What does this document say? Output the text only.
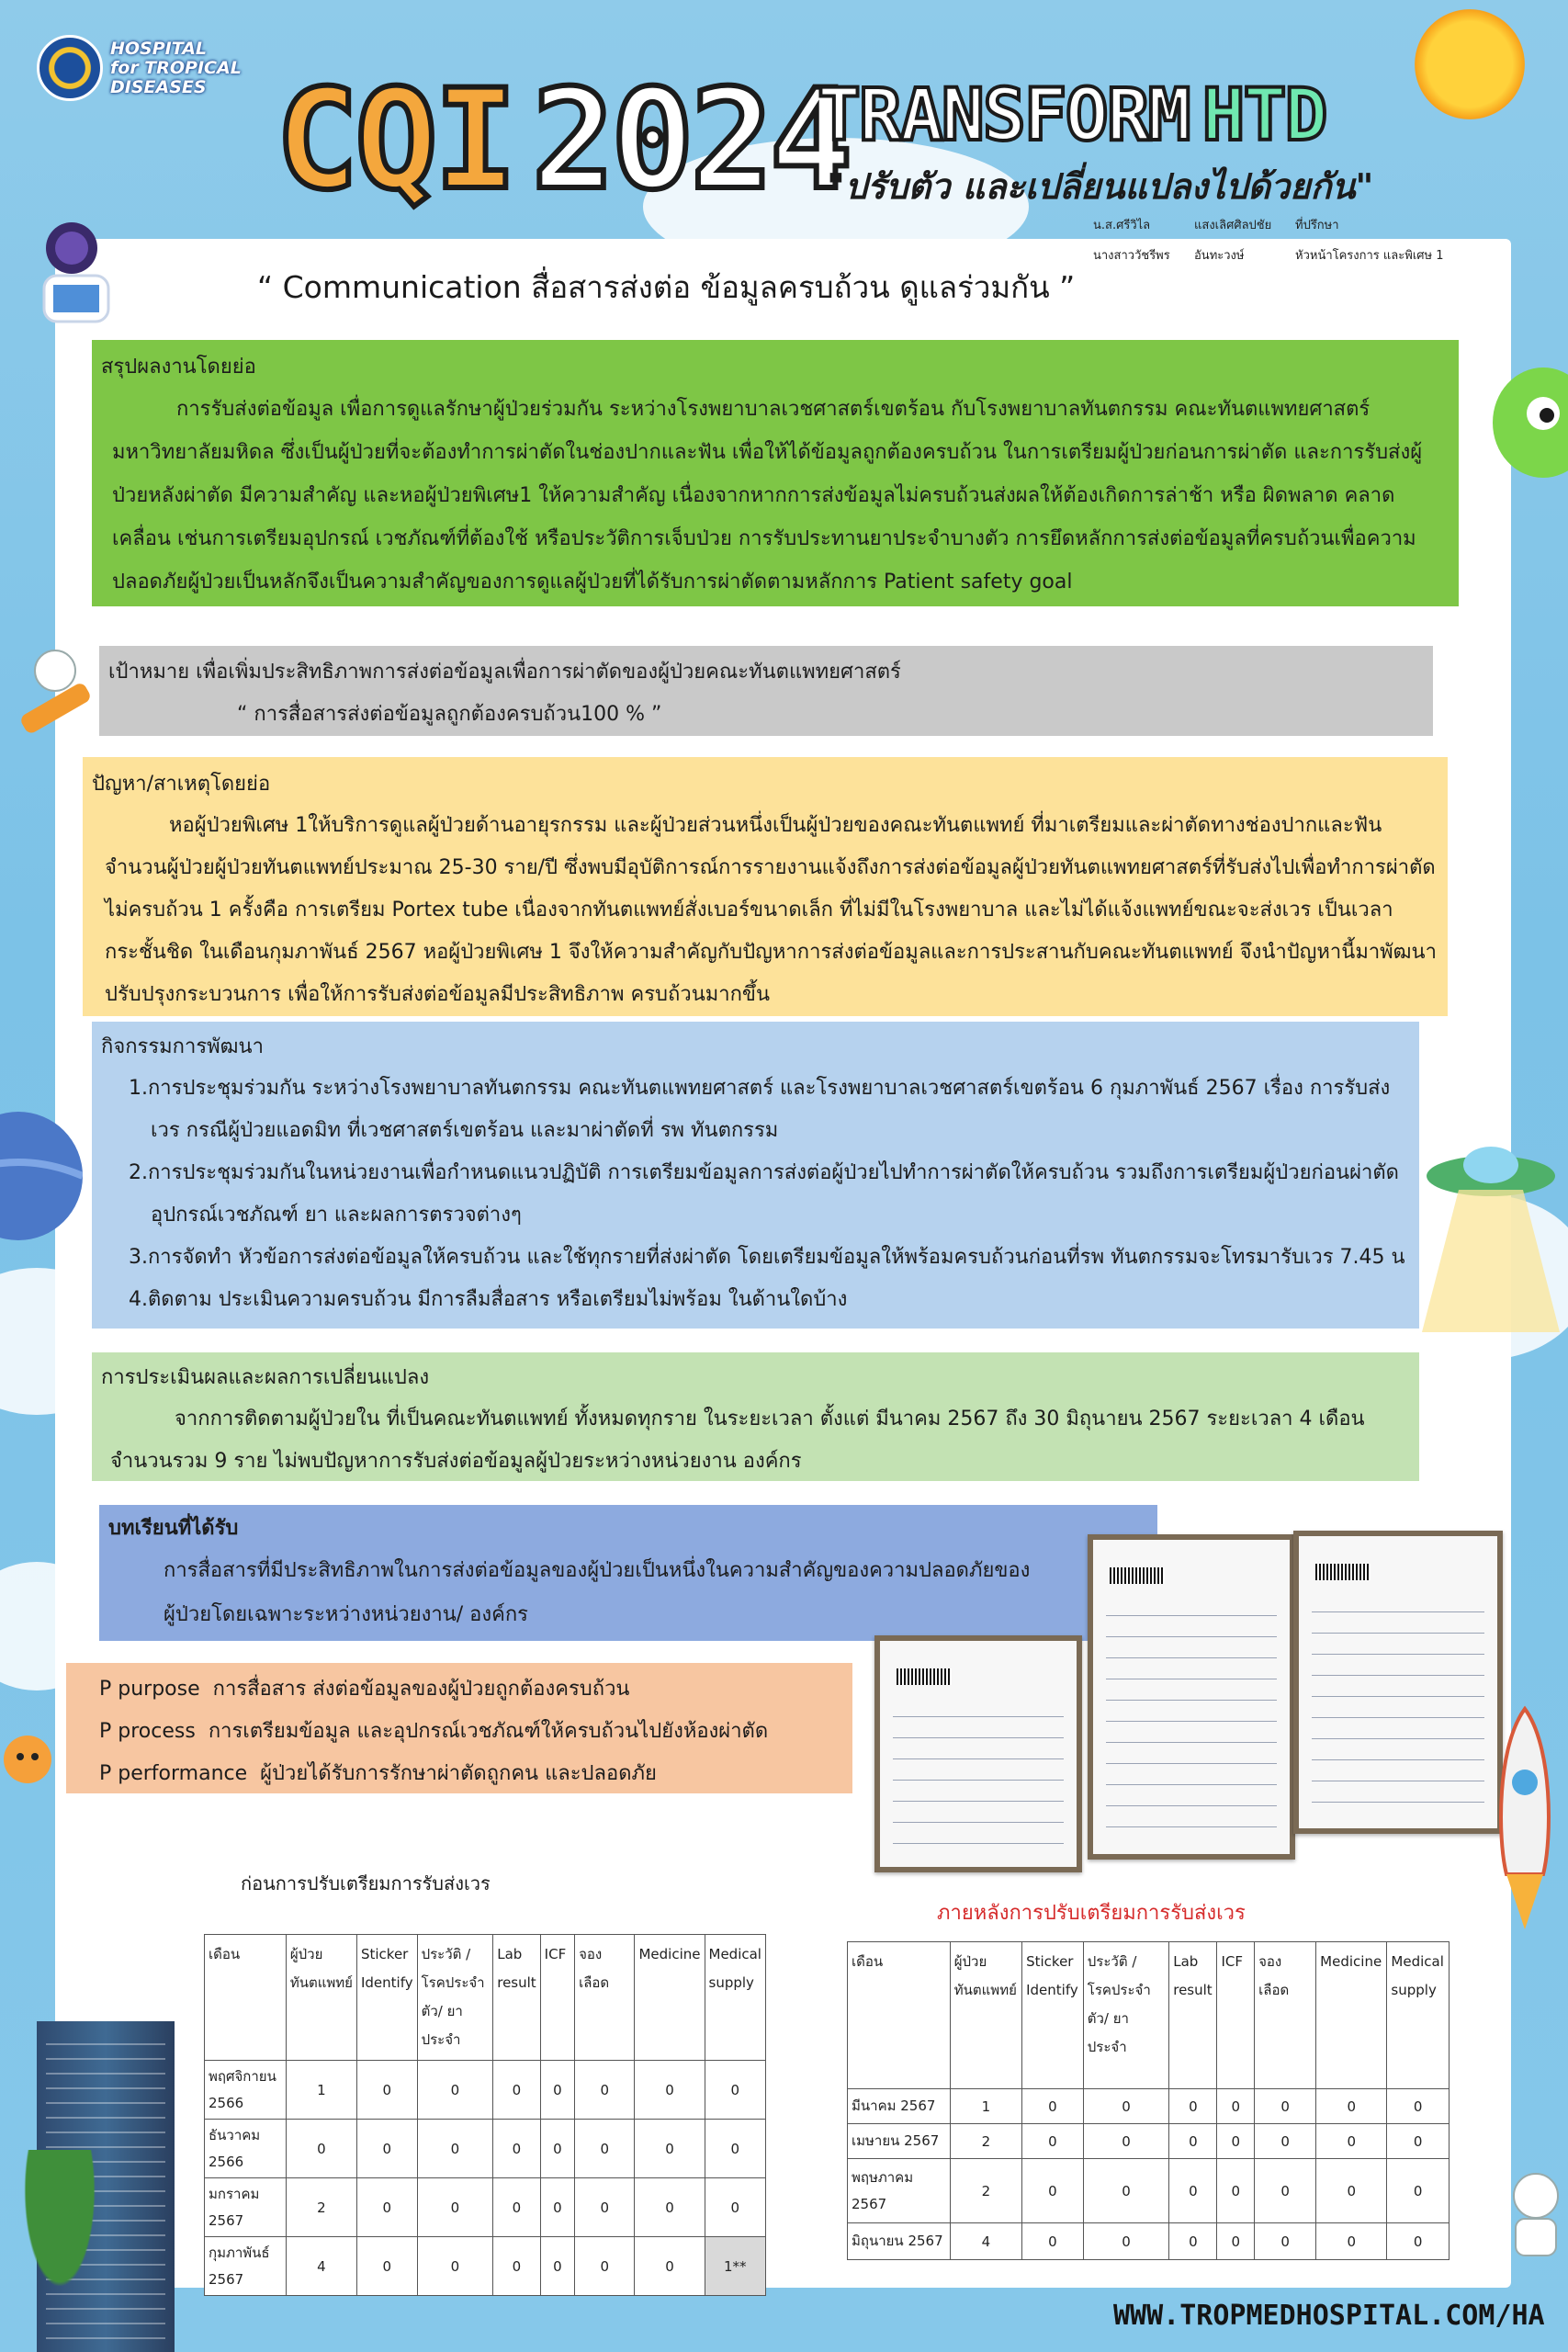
HOSPITAL
for TROPICAL
DISEASES CQI 2024
TRANSFORM HTD
"ปรับตัว และเปลี่ยนแปลงไปด้วยกัน"
น.ส.ศรีวิไล	แสงเลิศศิลปชัย	ที่ปรึกษา
นางสาววัชรีพร	อันทะวงษ์	หัวหน้าโครงการ และพิเศษ 1
“ Communication สื่อสารส่งต่อ ข้อมูลครบถ้วน ดูแลร่วมกัน ”
สรุปผลงานโดยย่อ

การรับส่งต่อข้อมูล เพื่อการดูแลรักษาผู้ป่วยร่วมกัน ระหว่างโรงพยาบาลเวชศาสตร์เขตร้อน กับโรงพยาบาลทันตกรรม คณะทันตแพทยศาสตร์ มหาวิทยาลัยมหิดล ซึ่งเป็นผู้ป่วยที่จะต้องทำการผ่าตัดในช่องปากและฟัน เพื่อให้ได้ข้อมูลถูกต้องครบถ้วน ในการเตรียมผู้ป่วยก่อนการผ่าตัด และการรับส่งผู้ป่วยหลังผ่าตัด มีความสำคัญ และหอผู้ป่วยพิเศษ1 ให้ความสำคัญ เนื่องจากหากการส่งข้อมูลไม่ครบถ้วนส่งผลให้ต้องเกิดการล่าช้า หรือ ผิดพลาด คลาดเคลื่อน เช่นการเตรียมอุปกรณ์ เวชภัณฑ์ที่ต้องใช้ หรือประวัติการเจ็บป่วย การรับประทานยาประจำบางตัว การยึดหลักการส่งต่อข้อมูลที่ครบถ้วนเพื่อความปลอดภัยผู้ป่วยเป็นหลักจึงเป็นความสำคัญของการดูแลผู้ป่วยที่ได้รับการผ่าตัดตามหลักการ Patient safety goal

เป้าหมาย เพื่อเพิ่มประสิทธิภาพการส่งต่อข้อมูลเพื่อการผ่าตัดของผู้ป่วยคณะทันตแพทยศาสตร์
“ การสื่อสารส่งต่อข้อมูลถูกต้องครบถ้วน100 % ”
ปัญหา/สาเหตุโดยย่อ

หอผู้ป่วยพิเศษ 1ให้บริการดูแลผู้ป่วยด้านอายุรกรรม และผู้ป่วยส่วนหนึ่งเป็นผู้ป่วยของคณะทันตแพทย์ ที่มาเตรียมและผ่าตัดทางช่องปากและฟัน จำนวนผู้ป่วยผู้ป่วยทันตแพทย์ประมาณ 25-30 ราย/ปี ซึ่งพบมีอุบัติการณ์การรายงานแจ้งถึงการส่งต่อข้อมูลผู้ป่วยทันตแพทยศาสตร์ที่รับส่งไปเพื่อทำการผ่าตัด ไม่ครบถ้วน 1 ครั้งคือ การเตรียม Portex tube เนื่องจากทันตแพทย์สั่งเบอร์ขนาดเล็ก ที่ไม่มีในโรงพยาบาล และไม่ได้แจ้งแพทย์ขณะจะส่งเวร เป็นเวลากระชั้นชิด ในเดือนกุมภาพันธ์ 2567 หอผู้ป่วยพิเศษ 1 จึงให้ความสำคัญกับปัญหาการส่งต่อข้อมูลและการประสานกับคณะทันตแพทย์ จึงนำปัญหานี้มาพัฒนาปรับปรุงกระบวนการ เพื่อให้การรับส่งต่อข้อมูลมีประสิทธิภาพ ครบถ้วนมากขึ้น

กิจกรรมการพัฒนา
1.การประชุมร่วมกัน ระหว่างโรงพยาบาลทันตกรรม คณะทันตแพทยศาสตร์ และโรงพยาบาลเวชศาสตร์เขตร้อน 6 กุมภาพันธ์ 2567 เรื่อง การรับส่งเวร กรณีผู้ป่วยแอดมิท ที่เวชศาสตร์เขตร้อน และมาผ่าตัดที่ รพ ทันตกรรม
2.การประชุมร่วมกันในหน่วยงานเพื่อกำหนดแนวปฏิบัติ การเตรียมข้อมูลการส่งต่อผู้ป่วยไปทำการผ่าตัดให้ครบถ้วน รวมถึงการเตรียมผู้ป่วยก่อนผ่าตัด อุปกรณ์เวชภัณฑ์ ยา และผลการตรวจต่างๆ
3.การจัดทำ หัวข้อการส่งต่อข้อมูลให้ครบถ้วน และใช้ทุกรายที่ส่งผ่าตัด โดยเตรียมข้อมูลให้พร้อมครบถ้วนก่อนที่รพ ทันตกรรมจะโทรมารับเวร 7.45 น
4.ติดตาม ประเมินความครบถ้วน มีการลืมสื่อสาร หรือเตรียมไม่พร้อม ในด้านใดบ้าง
การประเมินผลและผลการเปลี่ยนแปลง

จากการติดตามผู้ป่วยใน ที่เป็นคณะทันตแพทย์ ทั้งหมดทุกราย ในระยะเวลา ตั้งแต่ มีนาคม 2567 ถึง 30 มิถุนายน 2567 ระยะเวลา 4 เดือน จำนวนรวม 9 ราย ไม่พบปัญหาการรับส่งต่อข้อมูลผู้ป่วยระหว่างหน่วยงาน องค์กร

บทเรียนที่ได้รับ

การสื่อสารที่มีประสิทธิภาพในการส่งต่อข้อมูลของผู้ป่วยเป็นหนึ่งในความสำคัญของความปลอดภัยของ

ผู้ป่วยโดยเฉพาะระหว่างหน่วยงาน/ องค์กร

P purpose การสื่อสาร ส่งต่อข้อมูลของผู้ป่วยถูกต้องครบถ้วน
P process การเตรียมข้อมูล และอุปกรณ์เวชภัณฑ์ให้ครบถ้วนไปยังห้องผ่าตัด
P performance ผู้ป่วยได้รับการรักษาผ่าตัดถูกคน และปลอดภัย
ก่อนการปรับเตรียมการรับส่งเวร
เดือน	ผู้ป่วยทันตแพทย์	Sticker Identify	ประวัติ / โรคประจำตัว/ ยาประจำ	Lab result	ICF	จองเลือด	Medicine	Medical supply
พฤศจิกายน 2566	1	0	0	0	0	0	0	0
ธันวาคม 2566	0	0	0	0	0	0	0	0
มกราคม 2567	2	0	0	0	0	0	0	0
กุมภาพันธ์ 2567	4	0	0	0	0	0	0	1**
ภายหลังการปรับเตรียมการรับส่งเวร
เดือน	ผู้ป่วยทันตแพทย์	Sticker Identify	ประวัติ / โรคประจำตัว/ ยาประจำ	Lab result	ICF	จองเลือด	Medicine	Medical supply
มีนาคม 2567	1	0	0	0	0	0	0	0
เมษายน 2567	2	0	0	0	0	0	0	0
พฤษภาคม 2567	2	0	0	0	0	0	0	0
มิถุนายน 2567	4	0	0	0	0	0	0	0
WWW.TROPMEDHOSPITAL.COM/HA
